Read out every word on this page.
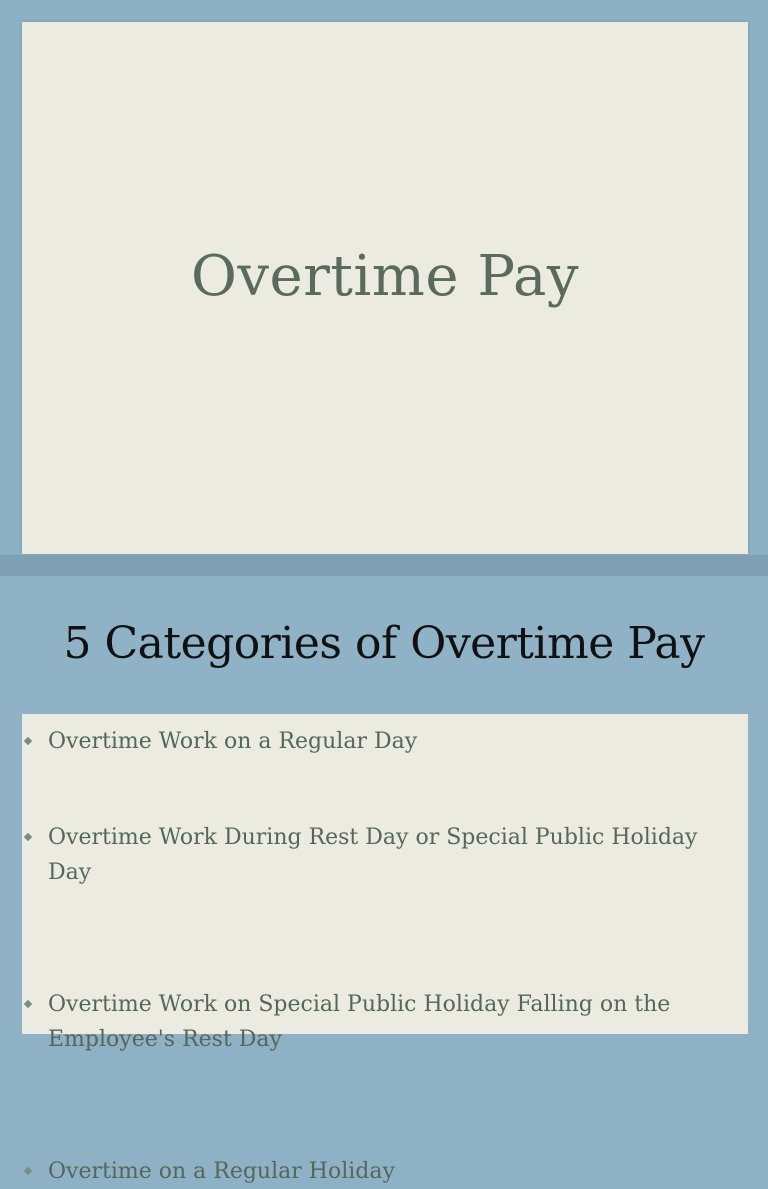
Overtime Pay
5 Categories of Overtime Pay
Overtime Work on a Regular Day
Overtime Work During Rest Day or Special Public Holiday Day
Overtime Work on Special Public Holiday Falling on the Employee's Rest Day
Overtime on a Regular Holiday
